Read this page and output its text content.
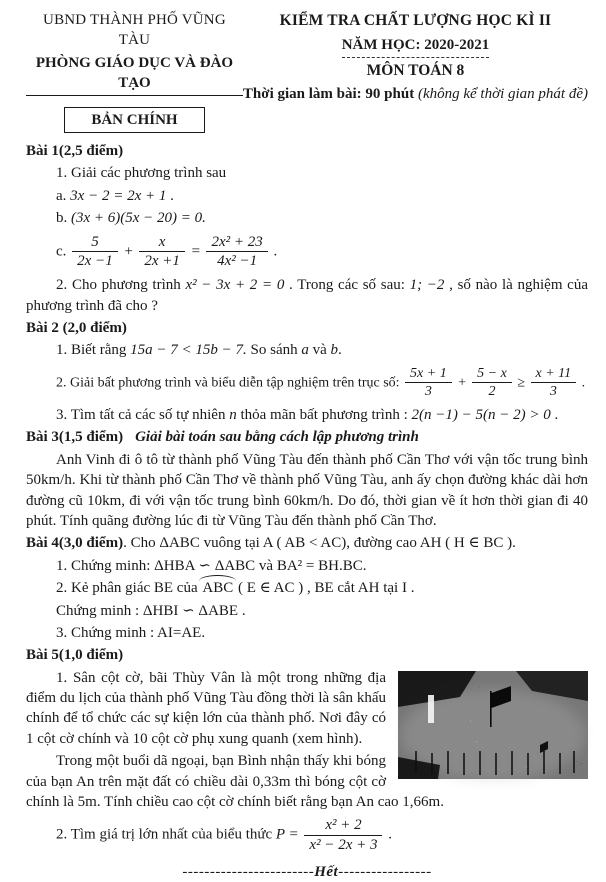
UBND THÀNH PHỐ VŨNG TÀU
PHÒNG GIÁO DỤC VÀ ĐÀO TẠO
BẢN CHÍNH
KIỂM TRA CHẤT LƯỢNG HỌC KÌ II
NĂM HỌC: 2020-2021
MÔN TOÁN 8
Thời gian làm bài: 90 phút (không kể thời gian phát đề)

Bài 1(2,5 điểm)

1. Giải các phương trình sau

a. 3x − 2 = 2x + 1 .

b. (3x + 6)(5x − 20) = 0.

c. $\frac{5}{2x -1} + \frac{x}{2x +1} = \frac{\text{2x² + 23}}{\text{4x² −1}}$ .

2. Cho phương trình x² − 3x + 2 = 0 . Trong các số sau: 1; −2 , số nào là nghiệm của phương trình đã cho ?

Bài 2 (2,0 điểm)

1. Biết rằng 15a − 7 < 15b − 7. So sánh a và b.

2. Giải bất phương trình và biểu diễn tập nghiệm trên trục số: $\frac{5x + 1}{3} + \frac{5 - x}{2} \ge \frac{x + 11}{3}$ .

3. Tìm tất cả các số tự nhiên n thỏa mãn bất phương trình : 2(n −1) − 5(n − 2) > 0 .

Bài 3(1,5 điểm) Giải bài toán sau bằng cách lập phương trình

Anh Vinh đi ô tô từ thành phố Vũng Tàu đến thành phố Cần Thơ với vận tốc trung bình 50km/h. Khi từ thành phố Cần Thơ về thành phố Vũng Tàu, anh ấy chọn đường khác dài hơn đường cũ 10km, đi với vận tốc trung bình 60km/h. Do đó, thời gian về ít hơn thời gian đi 40 phút. Tính quãng đường lúc đi từ Vũng Tàu đến thành phố Cần Thơ.

Bài 4(3,0 điểm). Cho ΔABC vuông tại A ( AB < AC), đường cao AH ( H ∈ BC ).

1. Chứng minh: ΔHBA ∽ ΔABC và BA² = BH.BC.

2. Kẻ phân giác BE của ABC ( E ∈ AC ) , BE cắt AH tại I .

Chứng minh : ΔHBI ∽ ΔABE .

3. Chứng minh : AI=AE.

Bài 5(1,0 điểm)

1. Sân cột cờ, bãi Thùy Vân là một trong những địa điểm du lịch của thành phố Vũng Tàu đồng thời là sân khấu chính để tổ chức các sự kiện lớn của thành phố. Nơi đây có 1 cột cờ chính và 10 cột cờ phụ xung quanh (xem hình).

Trong một buổi dã ngoại, bạn Bình nhận thấy khi bóng của bạn An trên mặt đất có chiều dài 0,33m thì bóng cột cờ chính là 5m. Tính chiều cao cột cờ chính biết rằng bạn An cao 1,66m.

2. Tìm giá trị lớn nhất của biểu thức $P = \frac{\text{x² + 2}}{\text{x² − 2x + 3}}$ .

------------------------Hết-----------------
